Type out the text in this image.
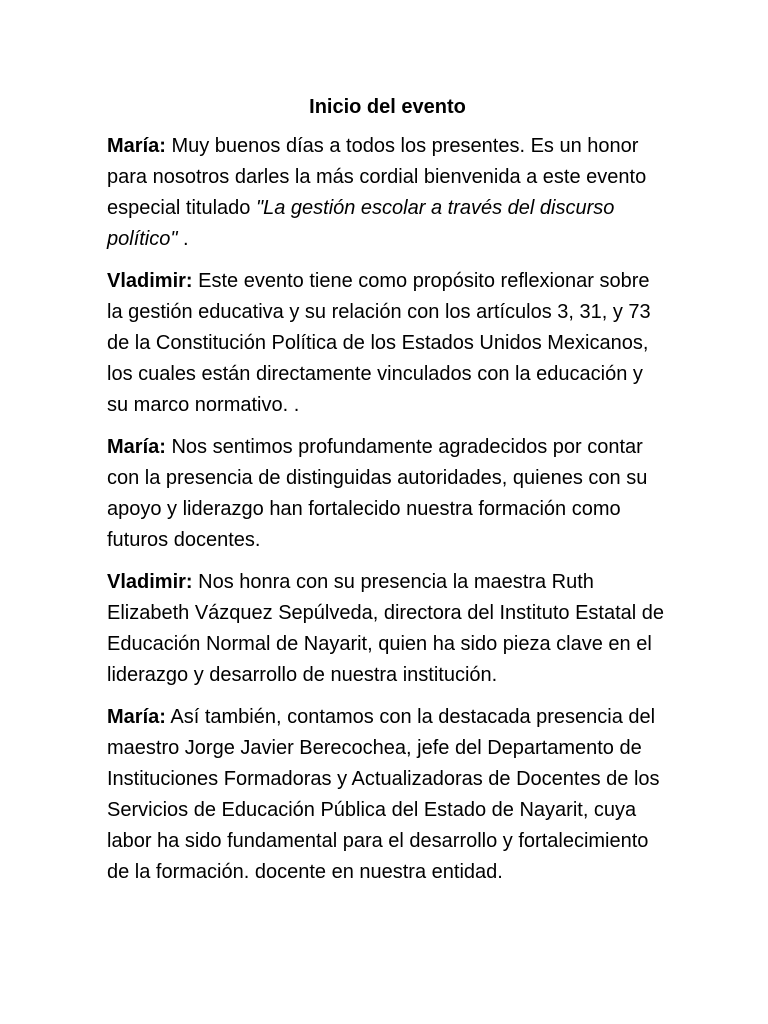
Inicio del evento

María: Muy buenos días a todos los presentes. Es un honor para nosotros darles la más cordial bienvenida a este evento especial titulado "La gestión escolar a través del discurso político" .

Vladimir: Este evento tiene como propósito reflexionar sobre la gestión educativa y su relación con los artículos 3, 31, y 73 de la Constitución Política de los Estados Unidos Mexicanos, los cuales están directamente vinculados con la educación y su marco normativo. .

María: Nos sentimos profundamente agradecidos por contar con la presencia de distinguidas autoridades, quienes con su apoyo y liderazgo han fortalecido nuestra formación como futuros docentes.

Vladimir: Nos honra con su presencia la maestra Ruth Elizabeth Vázquez Sepúlveda, directora del Instituto Estatal de Educación Normal de Nayarit, quien ha sido pieza clave en el liderazgo y desarrollo de nuestra institución.

María: Así también, contamos con la destacada presencia del maestro Jorge Javier Berecochea, jefe del Departamento de Instituciones Formadoras y Actualizadoras de Docentes de los Servicios de Educación Pública del Estado de Nayarit, cuya labor ha sido fundamental para el desarrollo y fortalecimiento de la formación. docente en nuestra entidad.
